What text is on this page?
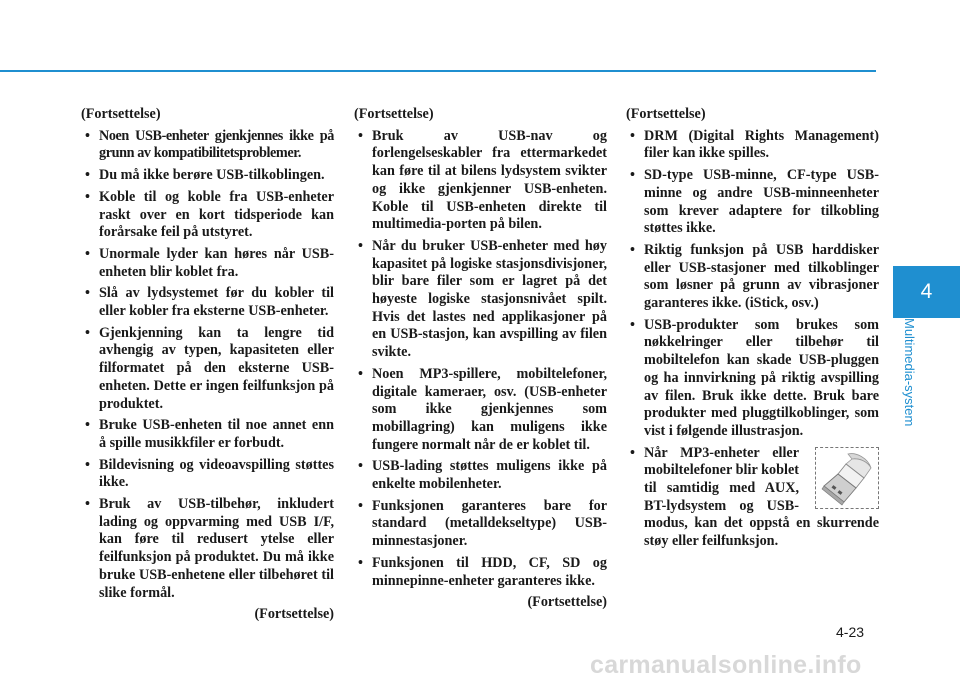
(Fortsettelse)

• Noen USB-enheter gjenkjennes ikke på grunn av kompatibilitetsproblemer.
• Du må ikke berøre USB-tilkoblingen.
• Koble til og koble fra USB-enheter raskt over en kort tidsperiode kan forårsake feil på utstyret.
• Unormale lyder kan høres når USB-enheten blir koblet fra.
• Slå av lydsystemet før du kobler til eller kobler fra eksterne USB-enheter.
• Gjenkjenning kan ta lengre tid avhengig av typen, kapasiteten eller filformatet på den eksterne USB-enheten. Dette er ingen feilfunksjon på produktet.
• Bruke USB-enheten til noe annet enn å spille musikkfiler er forbudt.
• Bildevisning og videoavspilling støttes ikke.
• Bruk av USB-tilbehør, inkludert lading og oppvarming med USB I/F, kan føre til redusert ytelse eller feilfunksjon på produktet. Du må ikke bruke USB-enhetene eller tilbehøret til slike formål.

(Fortsettelse)

(Fortsettelse)

• Bruk av USB-nav og forlengelseskabler fra ettermarkedet kan føre til at bilens lydsystem svikter og ikke gjenkjenner USB-enheten. Koble til USB-enheten direkte til multimedia-porten på bilen.
• Når du bruker USB-enheter med høy kapasitet på logiske stasjonsdivisjoner, blir bare filer som er lagret på det høyeste logiske stasjonsnivået spilt. Hvis det lastes ned applikasjoner på en USB-stasjon, kan avspilling av filen svikte.
• Noen MP3-spillere, mobiltelefoner, digitale kameraer, osv. (USB-enheter som ikke gjenkjennes som mobillagring) kan muligens ikke fungere normalt når de er koblet til.
• USB-lading støttes muligens ikke på enkelte mobilenheter.
• Funksjonen garanteres bare for standard (metalldekseltype) USB-minnestasjoner.
• Funksjonen til HDD, CF, SD og minnepinne-enheter garanteres ikke.

(Fortsettelse)

(Fortsettelse)

• DRM (Digital Rights Management) filer kan ikke spilles.
• SD-type USB-minne, CF-type USB-minne og andre USB-minneenheter som krever adaptere for tilkobling støttes ikke.
• Riktig funksjon på USB harddisker eller USB-stasjoner med tilkoblinger som løsner på grunn av vibrasjoner garanteres ikke. (iStick, osv.)
• USB-produkter som brukes som nøkkelringer eller tilbehør til mobiltelefon kan skade USB-pluggen og ha innvirkning på riktig avspilling av filen. Bruk ikke dette. Bruk bare produkter med pluggtilkoblinger, som vist i følgende illustrasjon.
• Når MP3-enheter eller mobiltelefoner blir koblet til samtidig med AUX, BT-lydsystem og USB-modus, kan det oppstå en skurrende støy eller feilfunksjon.
4
Multimedia-system
4-23
carmanualsonline.info
